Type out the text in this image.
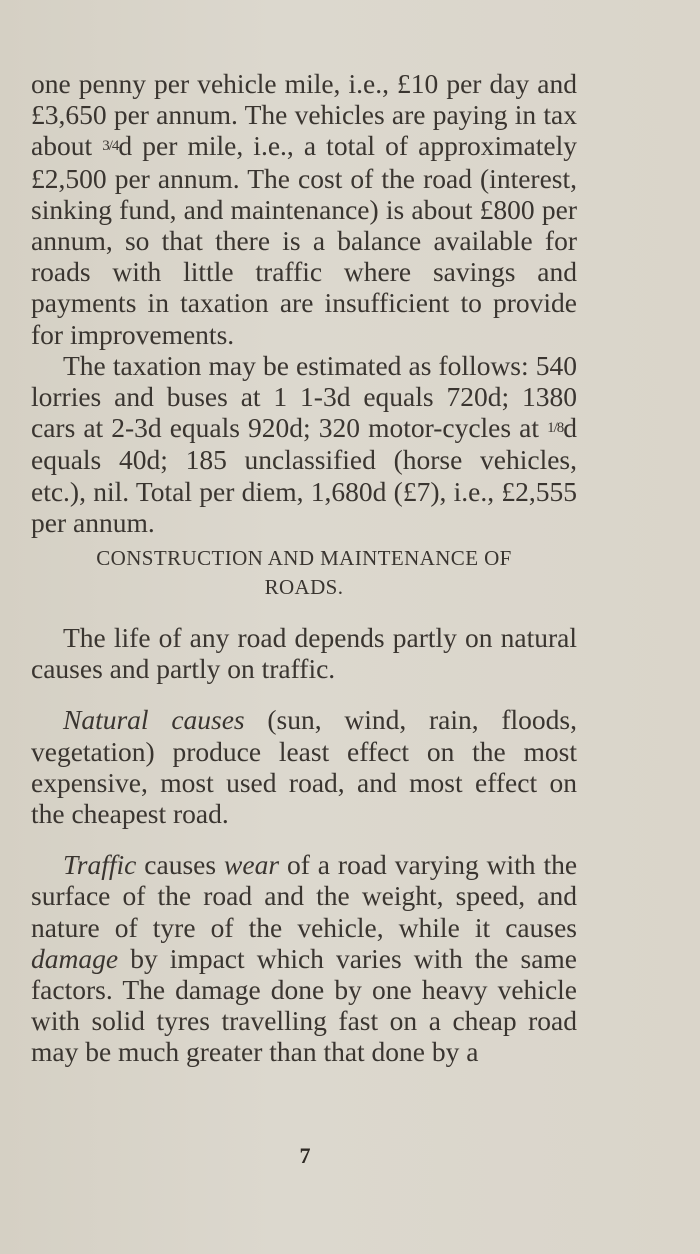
one penny per vehicle mile, i.e., £10 per day and £3,650 per annum. The vehicles are paying in tax about 3/4d per mile, i.e., a total of approximately £2,500 per annum. The cost of the road (interest, sinking fund, and maintenance) is about £800 per annum, so that there is a balance available for roads with little traffic where savings and payments in taxation are insufficient to provide for improvements.

The taxation may be estimated as follows: 540 lorries and buses at 1 1-3d equals 720d; 1380 cars at 2-3d equals 920d; 320 motor-cycles at 1/8d equals 40d; 185 unclassified (horse vehicles, etc.), nil. Total per diem, 1,680d (£7), i.e., £2,555 per annum.

CONSTRUCTION AND MAINTENANCE OF
ROADS.

The life of any road depends partly on natural causes and partly on traffic.

Natural causes (sun, wind, rain, floods, vegetation) produce least effect on the most expensive, most used road, and most effect on the cheapest road.

Traffic causes wear of a road varying with the surface of the road and the weight, speed, and nature of tyre of the vehicle, while it causes damage by impact which varies with the same factors. The damage done by one heavy vehicle with solid tyres travelling fast on a cheap road may be much greater than that done by a

7
